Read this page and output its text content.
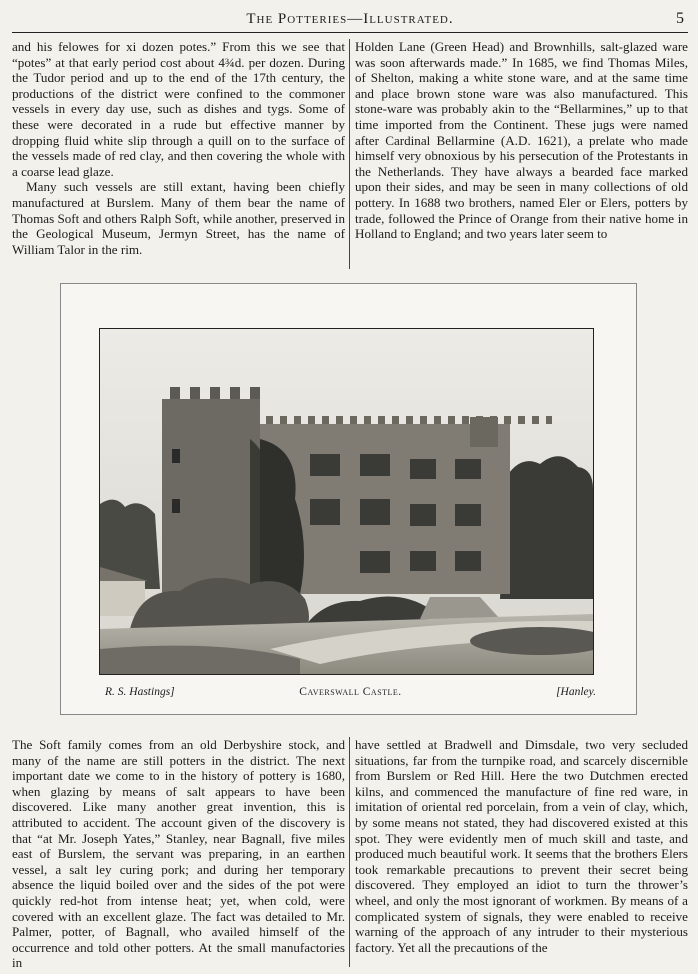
The Potteries—Illustrated.	5

and his felowes for xi dozen potes.” From this we see that “potes” at that early period cost about 4¾d. per dozen. During the Tudor period and up to the end of the 17th century, the productions of the district were confined to the commoner vessels in every day use, such as dishes and tygs. Some of these were decorated in a rude but effective manner by dropping fluid white slip through a quill on to the surface of the vessels made of red clay, and then covering the whole with a coarse lead glaze.

Many such vessels are still extant, having been chiefly manufactured at Burslem. Many of them bear the name of Thomas Soft and others Ralph Soft, while another, preserved in the Geological Museum, Jermyn Street, has the name of William Talor in the rim.

Holden Lane (Green Head) and Brownhills, salt-glazed ware was soon afterwards made.” In 1685, we find Thomas Miles, of Shelton, making a white stone ware, and at the same time and place brown stone ware was also manufactured. This stone-ware was probably akin to the “Bellarmines,” up to that time imported from the Continent. These jugs were named after Cardinal Bellarmine (A.D. 1621), a prelate who made himself very obnoxious by his persecution of the Protestants in the Netherlands. They have always a bearded face marked upon their sides, and may be seen in many collections of old pottery. In 1688 two brothers, named Eler or Elers, potters by trade, followed the Prince of Orange from their native home in Holland to England; and two years later seem to

R. S. Hastings]	Caverswall Castle.	[Hanley.

The Soft family comes from an old Derbyshire stock, and many of the name are still potters in the district. The next important date we come to in the history of pottery is 1680, when glazing by means of salt appears to have been discovered. Like many another great invention, this is attributed to accident. The account given of the discovery is that “at Mr. Joseph Yates,” Stanley, near Bagnall, five miles east of Burslem, the servant was preparing, in an earthen vessel, a salt ley curing pork; and during her temporary absence the liquid boiled over and the sides of the pot were quickly red-hot from intense heat; yet, when cold, were covered with an excellent glaze. The fact was detailed to Mr. Palmer, potter, of Bagnall, who availed himself of the occurrence and told other potters. At the small manufactories in

have settled at Bradwell and Dimsdale, two very secluded situations, far from the turnpike road, and scarcely discernible from Burslem or Red Hill. Here the two Dutchmen erected kilns, and commenced the manufacture of fine red ware, in imitation of oriental red porcelain, from a vein of clay, which, by some means not stated, they had discovered existed at this spot. They were evidently men of much skill and taste, and produced much beautiful work. It seems that the brothers Elers took remarkable precautions to prevent their secret being discovered. They employed an idiot to turn the thrower’s wheel, and only the most ignorant of workmen. By means of a complicated system of signals, they were enabled to receive warning of the approach of any intruder to their mysterious factory. Yet all the precautions of the
